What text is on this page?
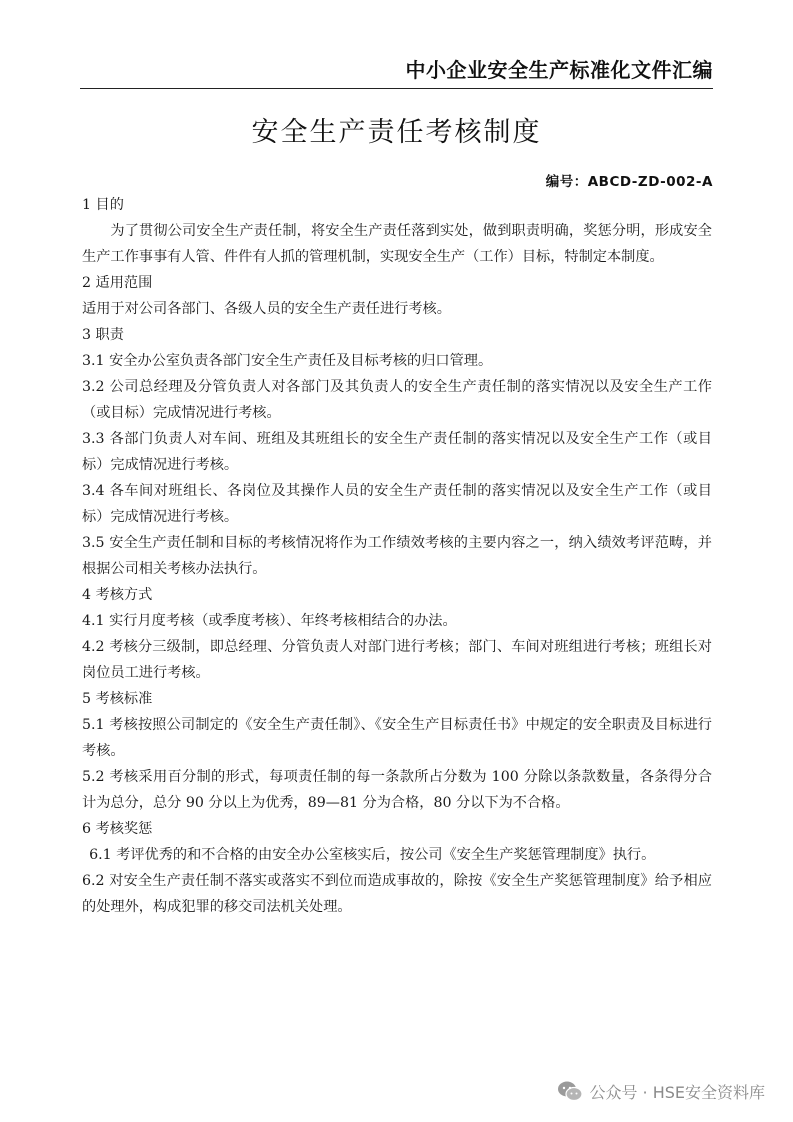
中小企业安全生产标准化文件汇编
安全生产责任考核制度
编号：ABCD-ZD-002-A

1 目的

为了贯彻公司安全生产责任制，将安全生产责任落到实处，做到职责明确，奖惩分明，形成安全生产工作事事有人管、件件有人抓的管理机制，实现安全生产（工作）目标，特制定本制度。

2 适用范围

适用于对公司各部门、各级人员的安全生产责任进行考核。

3 职责

3.1 安全办公室负责各部门安全生产责任及目标考核的归口管理。

3.2 公司总经理及分管负责人对各部门及其负责人的安全生产责任制的落实情况以及安全生产工作（或目标）完成情况进行考核。

3.3 各部门负责人对车间、班组及其班组长的安全生产责任制的落实情况以及安全生产工作（或目标）完成情况进行考核。

3.4 各车间对班组长、各岗位及其操作人员的安全生产责任制的落实情况以及安全生产工作（或目标）完成情况进行考核。

3.5 安全生产责任制和目标的考核情况将作为工作绩效考核的主要内容之一，纳入绩效考评范畴，并根据公司相关考核办法执行。

4 考核方式

4.1 实行月度考核（或季度考核）、年终考核相结合的办法。

4.2 考核分三级制，即总经理、分管负责人对部门进行考核；部门、车间对班组进行考核；班组长对岗位员工进行考核。

5 考核标准

5.1 考核按照公司制定的《安全生产责任制》、《安全生产目标责任书》中规定的安全职责及目标进行考核。

5.2 考核采用百分制的形式，每项责任制的每一条款所占分数为 100 分除以条款数量，各条得分合计为总分，总分 90 分以上为优秀，89—81 分为合格，80 分以下为不合格。

6 考核奖惩

6.1 考评优秀的和不合格的由安全办公室核实后，按公司《安全生产奖惩管理制度》执行。

6.2 对安全生产责任制不落实或落实不到位而造成事故的，除按《安全生产奖惩管理制度》给予相应的处理外，构成犯罪的移交司法机关处理。

公众号 · HSE安全资料库
